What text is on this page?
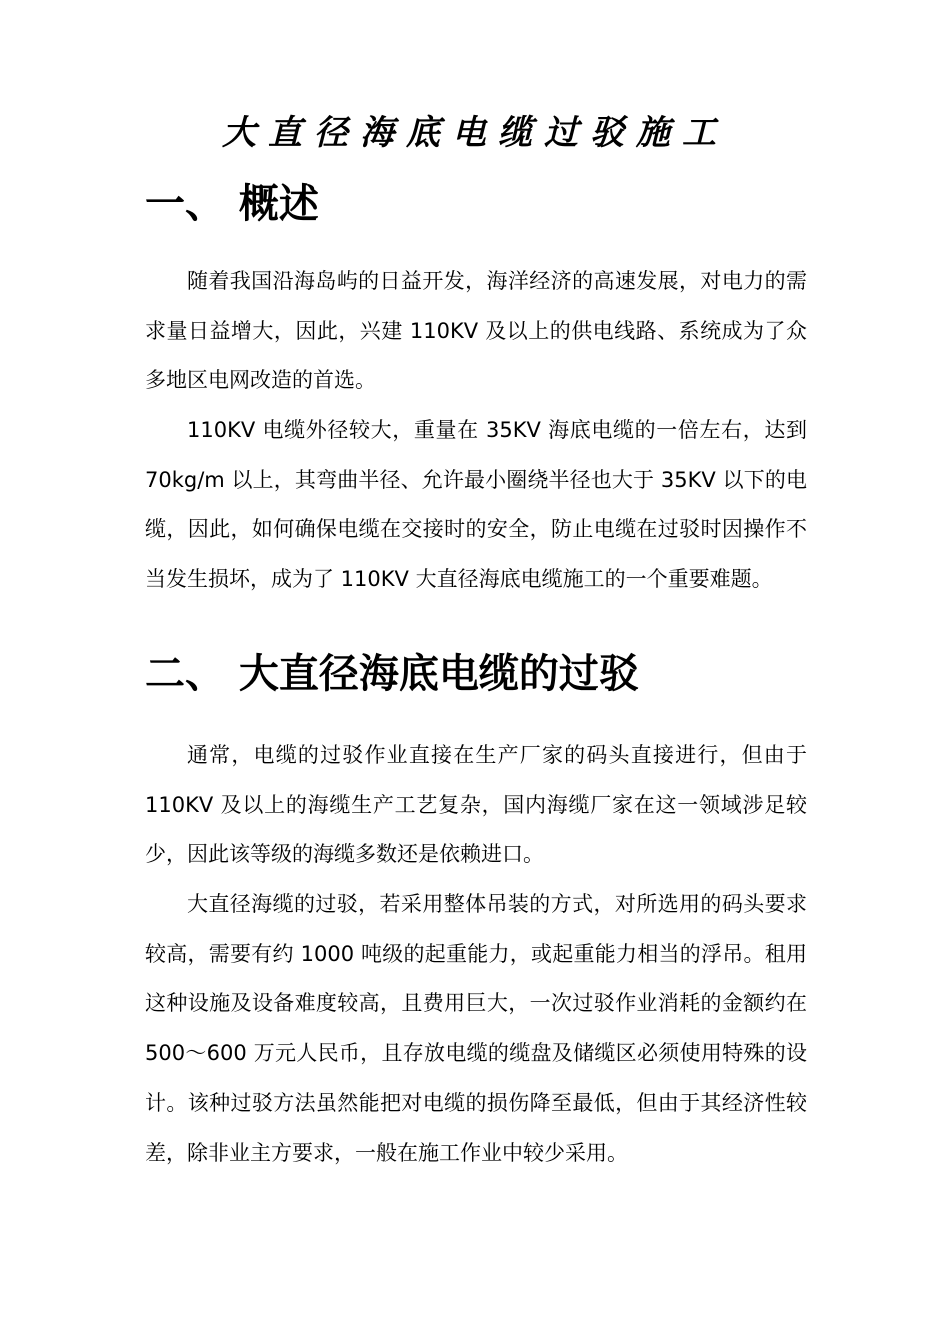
大直径海底电缆过驳施工
一、 概述

随着我国沿海岛屿的日益开发，海洋经济的高速发展，对电力的需求量日益增大，因此，兴建 110KV 及以上的供电线路、系统成为了众多地区电网改造的首选。

110KV 电缆外径较大，重量在 35KV 海底电缆的一倍左右，达到 70kg/m 以上，其弯曲半径、允许最小圈绕半径也大于 35KV 以下的电缆，因此，如何确保电缆在交接时的安全，防止电缆在过驳时因操作不当发生损坏，成为了 110KV 大直径海底电缆施工的一个重要难题。

二、 大直径海底电缆的过驳

通常，电缆的过驳作业直接在生产厂家的码头直接进行，但由于110KV 及以上的海缆生产工艺复杂，国内海缆厂家在这一领域涉足较少，因此该等级的海缆多数还是依赖进口。

大直径海缆的过驳，若采用整体吊装的方式，对所选用的码头要求较高，需要有约 1000 吨级的起重能力，或起重能力相当的浮吊。租用这种设施及设备难度较高，且费用巨大，一次过驳作业消耗的金额约在 500～600 万元人民币，且存放电缆的缆盘及储缆区必须使用特殊的设计。该种过驳方法虽然能把对电缆的损伤降至最低，但由于其经济性较差，除非业主方要求，一般在施工作业中较少采用。
